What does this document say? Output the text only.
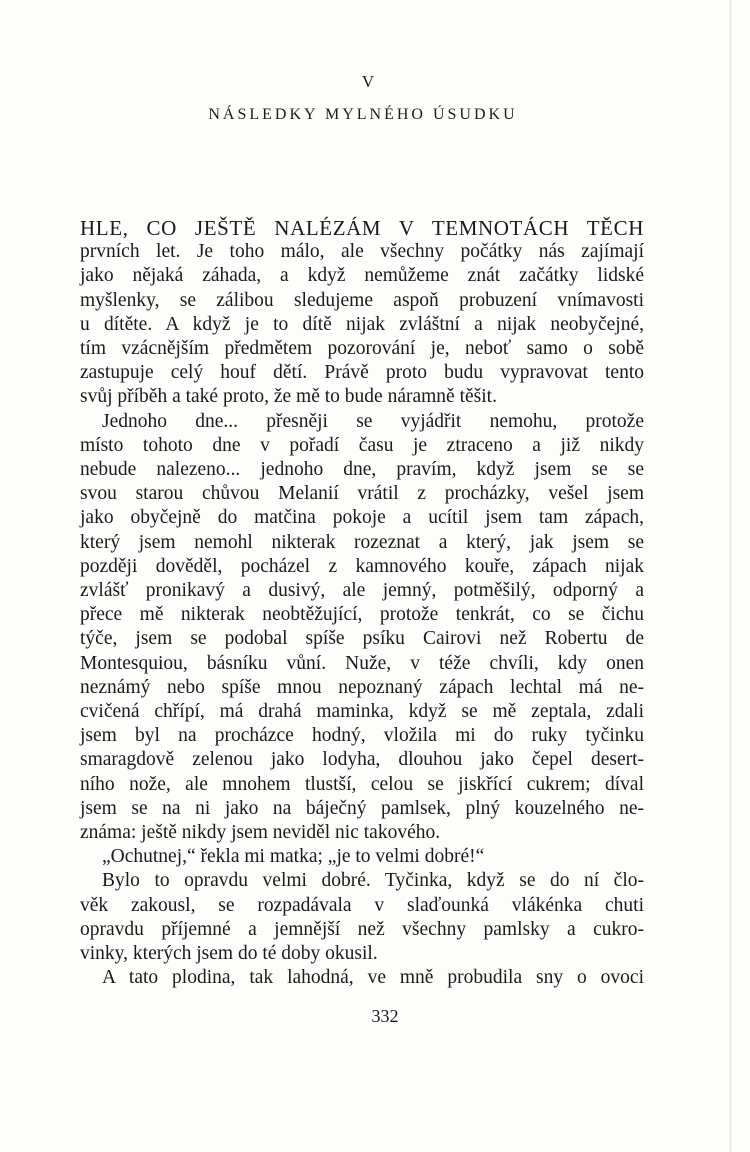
V
NÁSLEDKY MYLNÉHO ÚSUDKU

HLE, CO JEŠTĚ NALÉZÁM V TEMNOTÁCH TĚCH

prvních let. Je toho málo, ale všechny počátky nás zajímají

jako nějaká záhada, a když nemůžeme znát začátky lidské

myšlenky, se zálibou sledujeme aspoň probuzení vnímavosti

u dítěte. A když je to dítě nijak zvláštní a nijak neobyčejné,

tím vzácnějším předmětem pozorování je, neboť samo o sobě

zastupuje celý houf dětí. Právě proto budu vypravovat tento

svůj příběh a také proto, že mě to bude náramně těšit.

Jednoho dne... přesněji se vyjádřit nemohu, protože

místo tohoto dne v pořadí času je ztraceno a již nikdy

nebude nalezeno... jednoho dne, pravím, když jsem se se

svou starou chůvou Melanií vrátil z procházky, vešel jsem

jako obyčejně do matčina pokoje a ucítil jsem tam zápach,

který jsem nemohl nikterak rozeznat a který, jak jsem se

později dověděl, pocházel z kamnového kouře, zápach nijak

zvlášť pronikavý a dusivý, ale jemný, potměšilý, odporný a

přece mě nikterak neobtěžující, protože tenkrát, co se čichu

týče, jsem se podobal spíše psíku Cairovi než Robertu de

Montesquiou, básníku vůní. Nuže, v téže chvíli, kdy onen

neznámý nebo spíše mnou nepoznaný zápach lechtal má ne-

cvičená chřípí, má drahá maminka, když se mě zeptala, zdali

jsem byl na procházce hodný, vložila mi do ruky tyčinku

smaragdově zelenou jako lodyha, dlouhou jako čepel desert-

ního nože, ale mnohem tlustší, celou se jiskřící cukrem; díval

jsem se na ni jako na báječný pamlsek, plný kouzelného ne-

známa: ještě nikdy jsem neviděl nic takového.

„Ochutnej,“ řekla mi matka; „je to velmi dobré!“

Bylo to opravdu velmi dobré. Tyčinka, když se do ní člo-

věk zakousl, se rozpadávala v slaďounká vlákénka chuti

opravdu příjemné a jemnější než všechny pamlsky a cukro-

vinky, kterých jsem do té doby okusil.

A tato plodina, tak lahodná, ve mně probudila sny o ovoci

332
